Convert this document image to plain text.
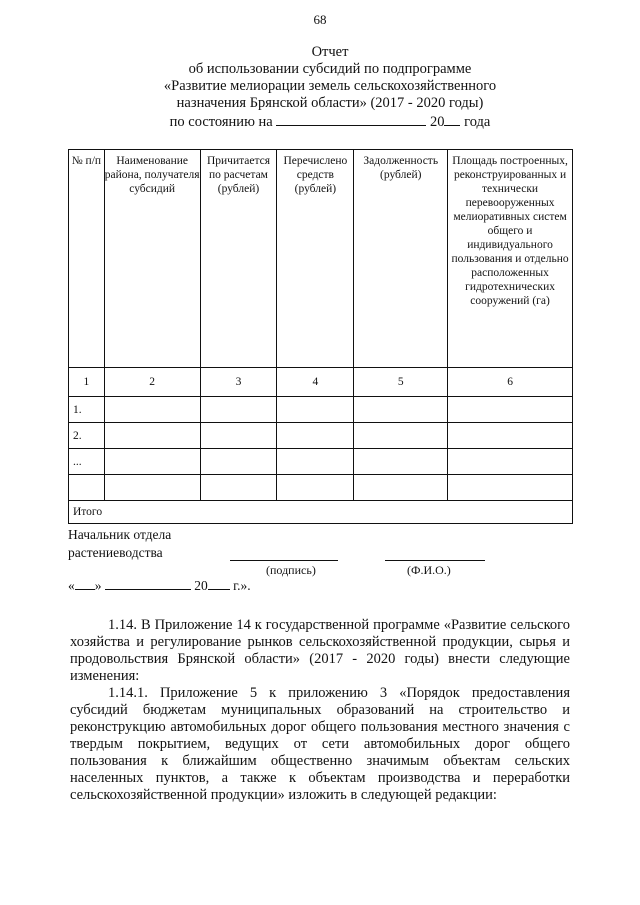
68
Отчет
об использовании субсидий по подпрограмме
«Развитие мелиорации земель сельскохозяйственного
назначения Брянской области» (2017 - 2020 годы)
по состоянию на	20 года
№ п/п	Наименование района, получателя субсидий	Причитается по расчетам (рублей)	Перечислено средств (рублей)	Задолженность (рублей)	Площадь построенных, реконструированных и технически перевооруженных мелиоративных систем общего и индивидуального пользования и отдельно расположенных гидротехнических сооружений (га)
1	2	3	4	5	6
1.					
2.					
...					

Итого					
Начальник отдела
растениеводства
(подпись)	(Ф.И.О.)
« »	20 г.».

1.14. В Приложение 14 к государственной программе «Развитие сельского хозяйства и регулирование рынков сельскохозяйственной продукции, сырья и продовольствия Брянской области» (2017 - 2020 годы) внести следующие изменения:

1.14.1. Приложение 5 к приложению 3 «Порядок предоставления субсидий бюджетам муниципальных образований на строительство и реконструкцию автомобильных дорог общего пользования местного значения с твердым покрытием, ведущих от сети автомобильных дорог общего пользования к ближайшим общественно значимым объектам сельских населенных пунктов, а также к объектам производства и переработки сельскохозяйственной продукции» изложить в следующей редакции:
